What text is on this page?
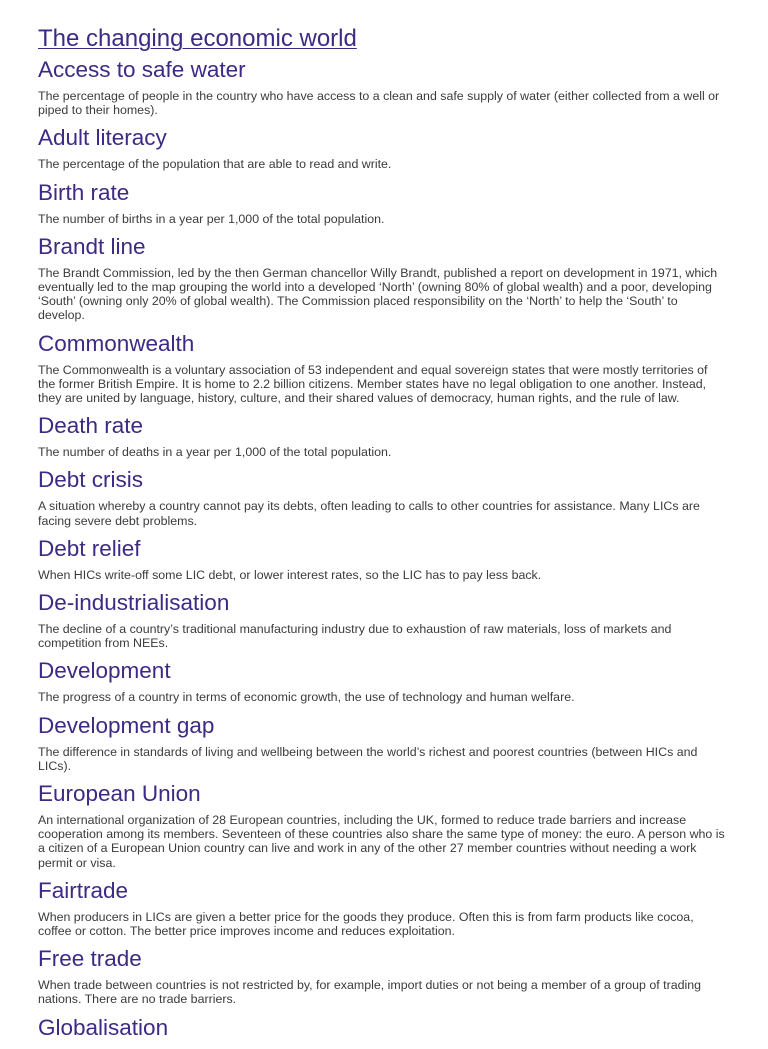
The changing economic world
Access to safe water

The percentage of people in the country who have access to a clean and safe supply of water (either collected from a well or piped to their homes).

Adult literacy

The percentage of the population that are able to read and write.

Birth rate

The number of births in a year per 1,000 of the total population.

Brandt line

The Brandt Commission, led by the then German chancellor Willy Brandt, published a report on development in 1971, which eventually led to the map grouping the world into a developed ‘North’ (owning 80% of global wealth) and a poor, developing ‘South’ (owning only 20% of global wealth). The Commission placed responsibility on the ‘North’ to help the ‘South’ to develop.

Commonwealth

The Commonwealth is a voluntary association of 53 independent and equal sovereign states that were mostly territories of the former British Empire. It is home to 2.2 billion citizens. Member states have no legal obligation to one another. Instead, they are united by language, history, culture, and their shared values of democracy, human rights, and the rule of law.

Death rate

The number of deaths in a year per 1,000 of the total population.

Debt crisis

A situation whereby a country cannot pay its debts, often leading to calls to other countries for assistance. Many LICs are facing severe debt problems.

Debt relief

When HICs write-off some LIC debt, or lower interest rates, so the LIC has to pay less back.

De-industrialisation

The decline of a country’s traditional manufacturing industry due to exhaustion of raw materials, loss of markets and competition from NEEs.

Development

The progress of a country in terms of economic growth, the use of technology and human welfare.

Development gap

The difference in standards of living and wellbeing between the world’s richest and poorest countries (between HICs and LICs).

European Union

An international organization of 28 European countries, including the UK, formed to reduce trade barriers and increase cooperation among its members. Seventeen of these countries also share the same type of money: the euro. A person who is a citizen of a European Union country can live and work in any of the other 27 member countries without needing a work permit or visa.

Fairtrade

When producers in LICs are given a better price for the goods they produce. Often this is from farm products like cocoa, coffee or cotton. The better price improves income and reduces exploitation.

Free trade

When trade between countries is not restricted by, for example, import duties or not being a member of a group of trading nations. There are no trade barriers.

Globalisation
